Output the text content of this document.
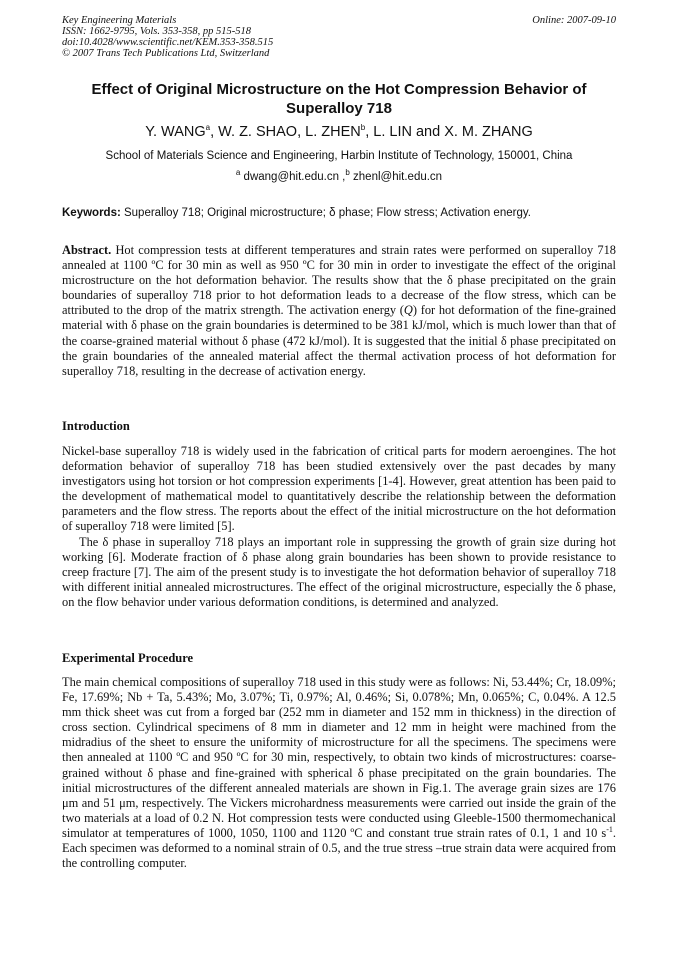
Key Engineering Materials
ISSN: 1662-9795, Vols. 353-358, pp 515-518
doi:10.4028/www.scientific.net/KEM.353-358.515
© 2007 Trans Tech Publications Ltd, Switzerland
Online: 2007-09-10
Effect of Original Microstructure on the Hot Compression Behavior of Superalloy 718
Y. WANG$^a$, W. Z. SHAO, L. ZHEN$^b$, L. LIN and X. M. ZHANG
School of Materials Science and Engineering, Harbin Institute of Technology, 150001, China
$^a$ dwang@hit.edu.cn ,$^b$ zhenl@hit.edu.cn
Keywords: Superalloy 718; Original microstructure; δ phase; Flow stress; Activation energy.

Abstract. Hot compression tests at different temperatures and strain rates were performed on superalloy 718 annealed at 1100 ºC for 30 min as well as 950 ºC for 30 min in order to investigate the effect of the original microstructure on the hot deformation behavior. The results show that the δ phase precipitated on the grain boundaries of superalloy 718 prior to hot deformation leads to a decrease of the flow stress, which can be attributed to the drop of the matrix strength. The activation energy (Q) for hot deformation of the fine-grained material with δ phase on the grain boundaries is determined to be 381 kJ/mol, which is much lower than that of the coarse-grained material without δ phase (472 kJ/mol). It is suggested that the initial δ phase precipitated on the grain boundaries of the annealed material affect the thermal activation process of hot deformation for superalloy 718, resulting in the decrease of activation energy.

Introduction

Nickel-base superalloy 718 is widely used in the fabrication of critical parts for modern aeroengines. The hot deformation behavior of superalloy 718 has been studied extensively over the past decades by many investigators using hot torsion or hot compression experiments [1-4]. However, great attention has been paid to the development of mathematical model to quantitatively describe the relationship between the deformation parameters and the flow stress. The reports about the effect of the initial microstructure on the hot deformation of superalloy 718 were limited [5].

The δ phase in superalloy 718 plays an important role in suppressing the growth of grain size during hot working [6]. Moderate fraction of δ phase along grain boundaries has been shown to provide resistance to creep fracture [7]. The aim of the present study is to investigate the hot deformation behavior of superalloy 718 with different initial annealed microstructures. The effect of the original microstructure, especially the δ phase, on the flow behavior under various deformation conditions, is determined and analyzed.

Experimental Procedure

The main chemical compositions of superalloy 718 used in this study were as follows: Ni, 53.44%; Cr, 18.09%; Fe, 17.69%; Nb + Ta, 5.43%; Mo, 3.07%; Ti, 0.97%; Al, 0.46%; Si, 0.078%; Mn, 0.065%; C, 0.04%. A 12.5 mm thick sheet was cut from a forged bar (252 mm in diameter and 152 mm in thickness) in the direction of cross section. Cylindrical specimens of 8 mm in diameter and 12 mm in height were machined from the midradius of the sheet to ensure the uniformity of microstructure for all the specimens. The specimens were then annealed at 1100 ºC and 950 ºC for 30 min, respectively, to obtain two kinds of microstructures: coarse-grained without δ phase and fine-grained with spherical δ phase precipitated on the grain boundaries. The initial microstructures of the different annealed materials are shown in Fig.1. The average grain sizes are 176 μm and 51 μm, respectively. The Vickers microhardness measurements were carried out inside the grain of the two materials at a load of 0.2 N. Hot compression tests were conducted using Gleeble-1500 thermomechanical simulator at temperatures of 1000, 1050, 1100 and 1120 ºC and constant true strain rates of 0.1, 1 and 10 $s^{-1}$. Each specimen was deformed to a nominal strain of 0.5, and the true stress –true strain data were acquired from the controlling computer.
